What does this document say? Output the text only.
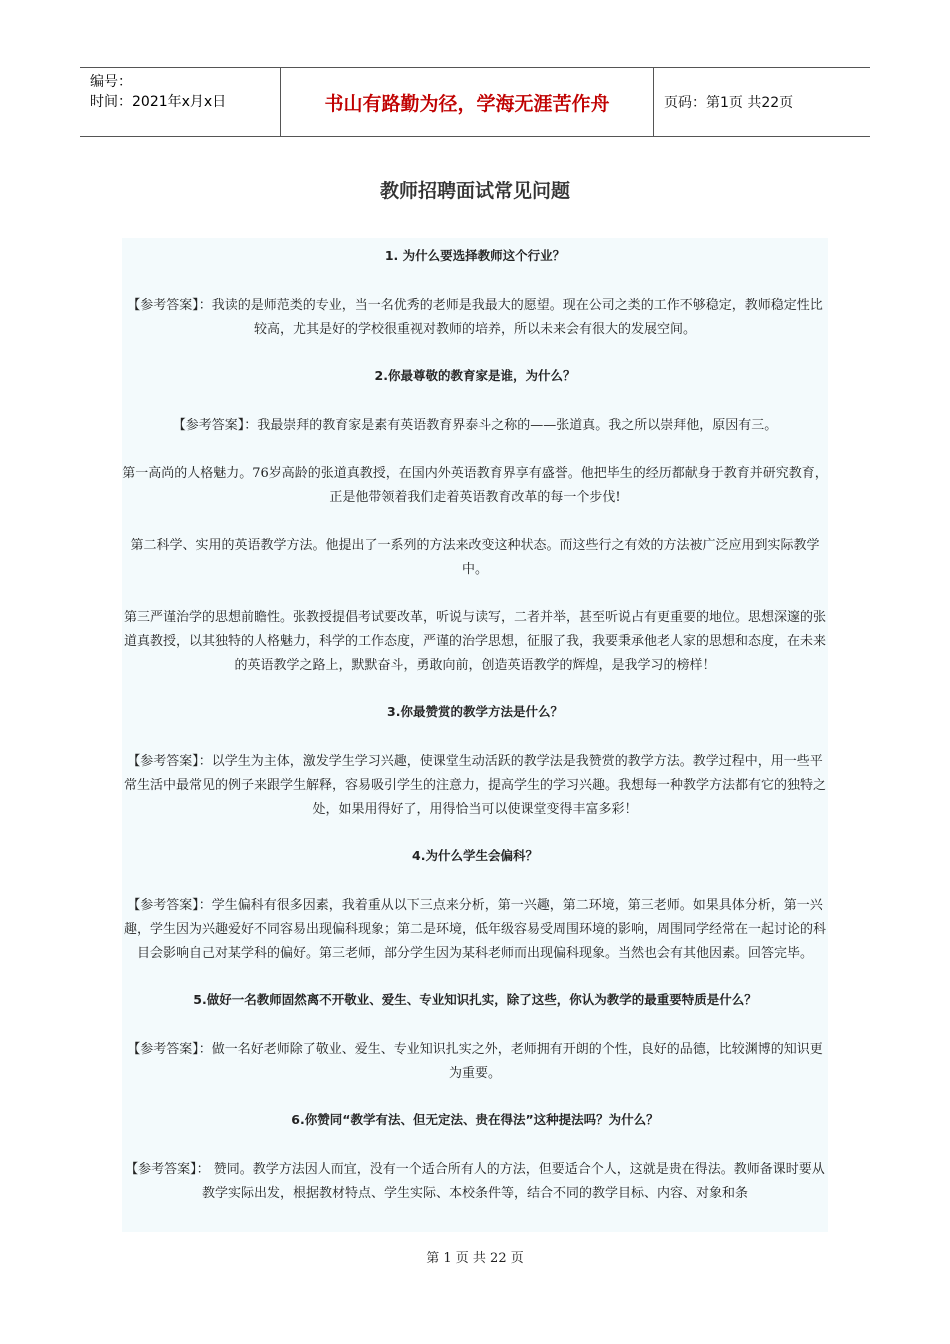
编号：
时间：2021年x月x日	书山有路勤为径，学海无涯苦作舟	页码：第1页 共22页
教师招聘面试常见问题

1. 为什么要选择教师这个行业？

【参考答案】：我读的是师范类的专业，当一名优秀的老师是我最大的愿望。现在公司之类的工作不够稳定，教师稳定性比较高，尤其是好的学校很重视对教师的培养，所以未来会有很大的发展空间。

2.你最尊敬的教育家是谁，为什么？

【参考答案】：我最崇拜的教育家是素有英语教育界泰斗之称的——张道真。我之所以崇拜他，原因有三。

第一高尚的人格魅力。76岁高龄的张道真教授，在国内外英语教育界享有盛誉。他把毕生的经历都献身于教育并研究教育，正是他带领着我们走着英语教育改革的每一个步伐!

第二科学、实用的英语教学方法。他提出了一系列的方法来改变这种状态。而这些行之有效的方法被广泛应用到实际教学中。

第三严谨治学的思想前瞻性。张教授提倡考试要改革，听说与读写，二者并举，甚至听说占有更重要的地位。思想深邃的张道真教授，以其独特的人格魅力，科学的工作态度，严谨的治学思想，征服了我，我要秉承他老人家的思想和态度，在未来的英语教学之路上，默默奋斗，勇敢向前，创造英语教学的辉煌，是我学习的榜样！

3.你最赞赏的教学方法是什么？

【参考答案】：以学生为主体，激发学生学习兴趣，使课堂生动活跃的教学法是我赞赏的教学方法。教学过程中，用一些平常生活中最常见的例子来跟学生解释，容易吸引学生的注意力，提高学生的学习兴趣。我想每一种教学方法都有它的独特之处，如果用得好了，用得恰当可以使课堂变得丰富多彩！

4.为什么学生会偏科？

【参考答案】：学生偏科有很多因素，我着重从以下三点来分析，第一兴趣，第二环境，第三老师。如果具体分析，第一兴趣，学生因为兴趣爱好不同容易出现偏科现象；第二是环境，低年级容易受周围环境的影响，周围同学经常在一起讨论的科目会影响自己对某学科的偏好。第三老师，部分学生因为某科老师而出现偏科现象。当然也会有其他因素。回答完毕。

5.做好一名教师固然离不开敬业、爱生、专业知识扎实，除了这些，你认为教学的最重要特质是什么？

【参考答案】：做一名好老师除了敬业、爱生、专业知识扎实之外，老师拥有开朗的个性，良好的品德，比较渊博的知识更为重要。

6.你赞同“教学有法、但无定法、贵在得法”这种提法吗？为什么？

【参考答案】： 赞同。教学方法因人而宜，没有一个适合所有人的方法，但要适合个人，这就是贵在得法。教师备课时要从教学实际出发，根据教材特点、学生实际、本校条件等，结合不同的教学目标、内容、对象和条

第 1 页 共 22 页
